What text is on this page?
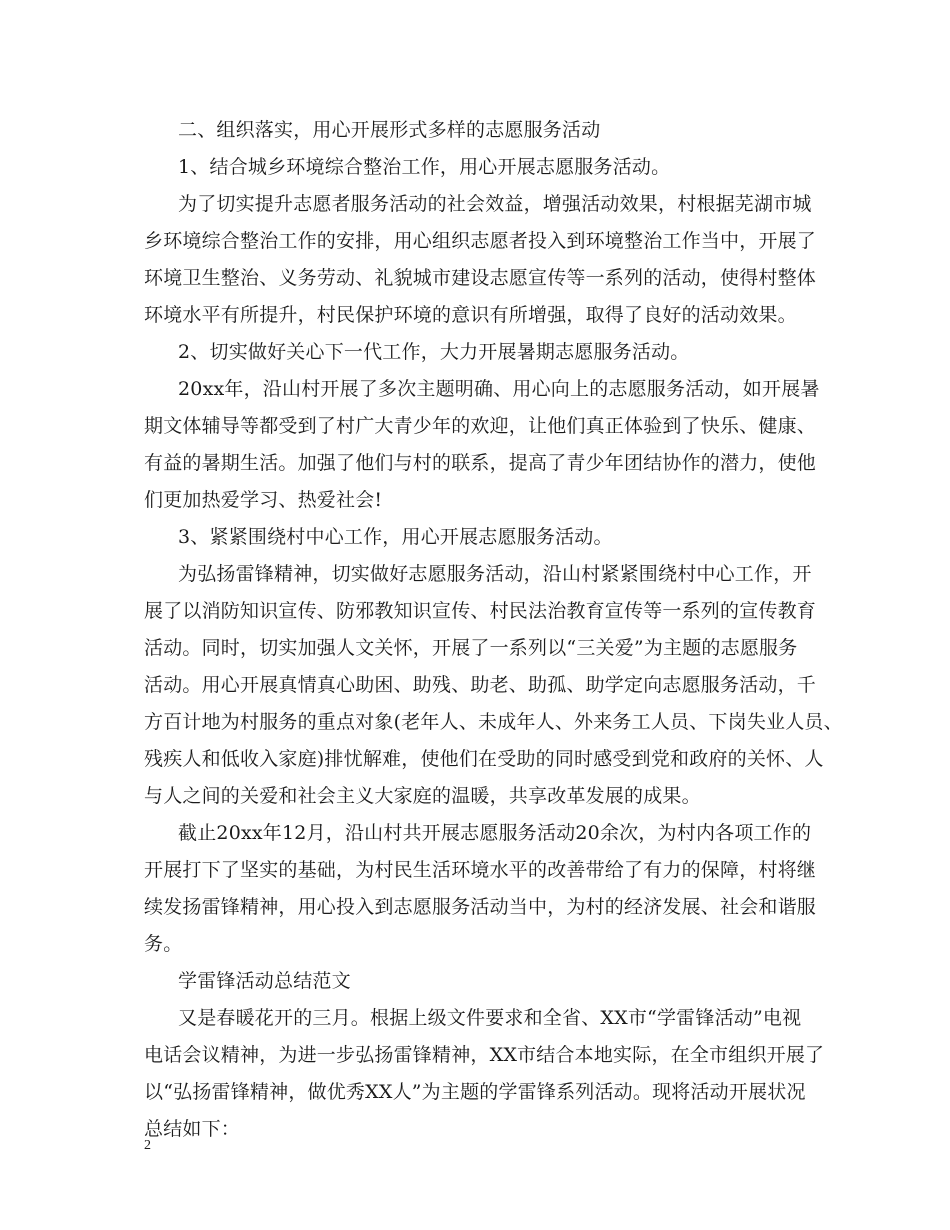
二、组织落实，用心开展形式多样的志愿服务活动
1、结合城乡环境综合整治工作，用心开展志愿服务活动。
为了切实提升志愿者服务活动的社会效益，增强活动效果，村根据芜湖市城
乡环境综合整治工作的安排，用心组织志愿者投入到环境整治工作当中，开展了
环境卫生整治、义务劳动、礼貌城市建设志愿宣传等一系列的活动，使得村整体
环境水平有所提升，村民保护环境的意识有所增强，取得了良好的活动效果。
2、切实做好关心下一代工作，大力开展暑期志愿服务活动。
20xx年，沿山村开展了多次主题明确、用心向上的志愿服务活动，如开展暑
期文体辅导等都受到了村广大青少年的欢迎，让他们真正体验到了快乐、健康、
有益的暑期生活。加强了他们与村的联系，提高了青少年团结协作的潜力，使他
们更加热爱学习、热爱社会!
3、紧紧围绕村中心工作，用心开展志愿服务活动。
为弘扬雷锋精神，切实做好志愿服务活动，沿山村紧紧围绕村中心工作，开
展了以消防知识宣传、防邪教知识宣传、村民法治教育宣传等一系列的宣传教育
活动。同时，切实加强人文关怀，开展了一系列以“三关爱”为主题的志愿服务
活动。用心开展真情真心助困、助残、助老、助孤、助学定向志愿服务活动，千
方百计地为村服务的重点对象(老年人、未成年人、外来务工人员、下岗失业人员、
残疾人和低收入家庭)排忧解难，使他们在受助的同时感受到党和政府的关怀、人
与人之间的关爱和社会主义大家庭的温暖，共享改革发展的成果。
截止20xx年12月，沿山村共开展志愿服务活动20余次，为村内各项工作的
开展打下了坚实的基础，为村民生活环境水平的改善带给了有力的保障，村将继
续发扬雷锋精神，用心投入到志愿服务活动当中，为村的经济发展、社会和谐服
务。
学雷锋活动总结范文
又是春暖花开的三月。根据上级文件要求和全省、XX市“学雷锋活动”电视
电话会议精神，为进一步弘扬雷锋精神，XX市结合本地实际，在全市组织开展了
以“弘扬雷锋精神，做优秀XX人”为主题的学雷锋系列活动。现将活动开展状况
总结如下：
2
